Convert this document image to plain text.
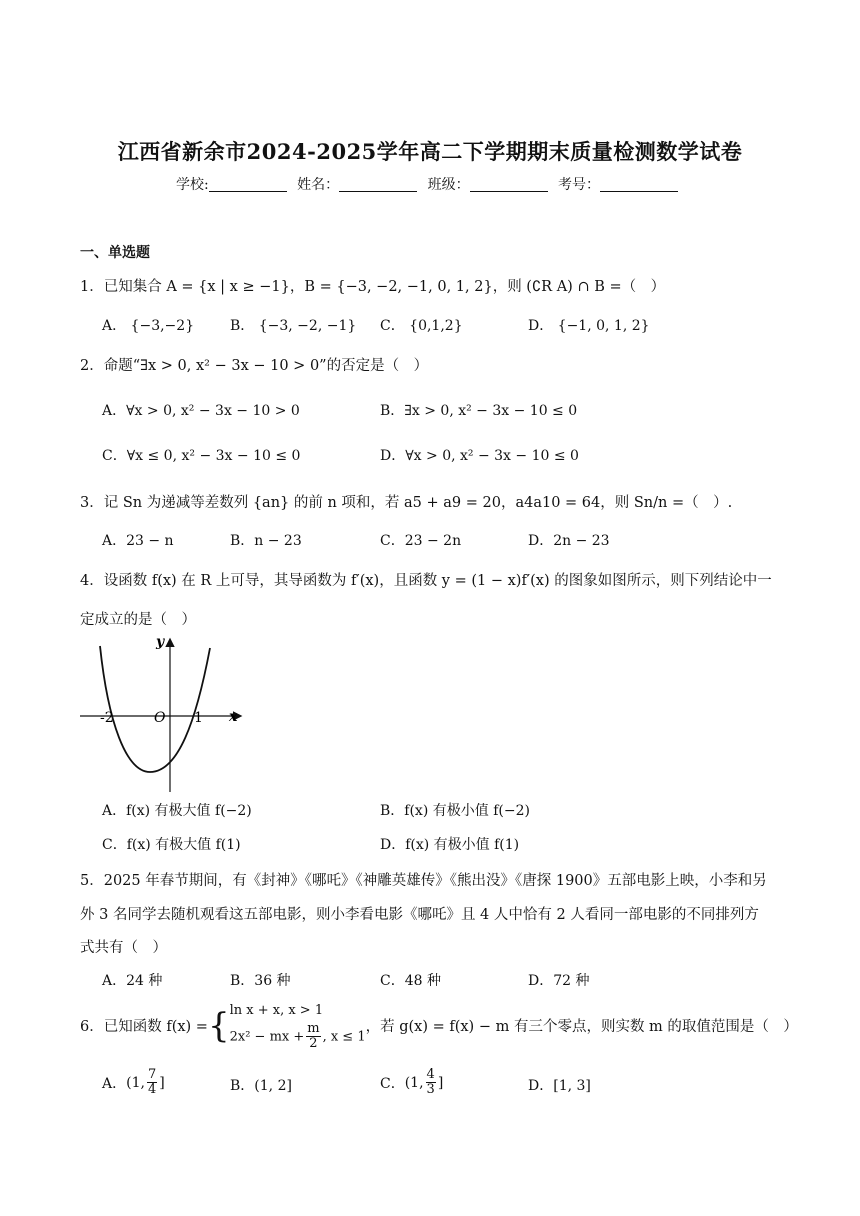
江西省新余市2024-2025学年高二下学期期末质量检测数学试卷
学校:	姓名：	班级：	考号：
一、单选题
1．已知集合 A = {x | x ≥ −1}，B = {−3, −2, −1, 0, 1, 2}，则 (∁R A) ∩ B =（　）
A． {−3,−2}	B． {−3, −2, −1} C． {0,1,2}	D． {−1, 0, 1, 2}
2．命题“∃x > 0, x² − 3x − 10 > 0”的否定是（　）
A．∀x > 0, x² − 3x − 10 > 0	B．∃x > 0, x² − 3x − 10 ≤ 0
C．∀x ≤ 0, x² − 3x − 10 ≤ 0	D．∀x > 0, x² − 3x − 10 ≤ 0
3．记 Sn 为递减等差数列 {an} 的前 n 项和，若 a5 + a9 = 20，a4a10 = 64，则 Sn/n =（　）.
A．23 − n	B．n − 23	C．23 − 2n	D．2n − 23
4．设函数 f(x) 在 R 上可导，其导函数为 f′(x)，且函数 y = (1 − x)f′(x) 的图象如图所示，则下列结论中一
定成立的是（　）
y
x
O
-2	1
A．f(x) 有极大值 f(−2)	B．f(x) 有极小值 f(−2)
C．f(x) 有极大值 f(1)	D．f(x) 有极小值 f(1)
5．2025 年春节期间，有《封神》《哪吒》《神雕英雄传》《熊出没》《唐探 1900》五部电影上映，小李和另
外 3 名同学去随机观看这五部电影，则小李看电影《哪吒》且 4 人中恰有 2 人看同一部电影的不同排列方
式共有（　）
A．24 种	B．36 种	C．48 种	D．72 种
6．已知函数 f(x) = { ln x + x, x > 1
2x² − mx + $\frac{m}{2}$ , x ≤ 1
，若 g(x) = f(x) − m 有三个零点，则实数 m 的取值范围是（　）
A． (1, $\frac{7}{4}$ ]	B．(1, 2]	C． (1, $\frac{4}{3}$ ]	D．[1, 3]
